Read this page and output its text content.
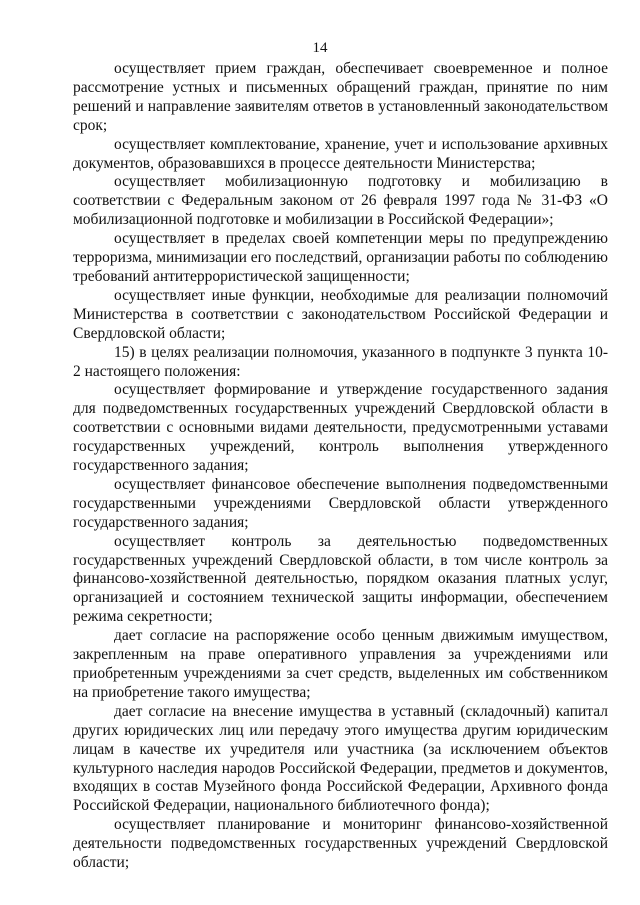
14

осуществляет прием граждан, обеспечивает своевременное и полное рассмотрение устных и письменных обращений граждан, принятие по ним решений и направление заявителям ответов в установленный законодательством срок;

осуществляет комплектование, хранение, учет и использование архивных документов, образовавшихся в процессе деятельности Министерства;

осуществляет мобилизационную подготовку и мобилизацию в соответствии с Федеральным законом от 26 февраля 1997 года № 31-ФЗ «О мобилизационной подготовке и мобилизации в Российской Федерации»;

осуществляет в пределах своей компетенции меры по предупреждению терроризма, минимизации его последствий, организации работы по соблюдению требований антитеррористической защищенности;

осуществляет иные функции, необходимые для реализации полномочий Министерства в соответствии с законодательством Российской Федерации и Свердловской области;

15) в целях реализации полномочия, указанного в подпункте 3 пункта 10-2 настоящего положения:

осуществляет формирование и утверждение государственного задания для подведомственных государственных учреждений Свердловской области в соответствии с основными видами деятельности, предусмотренными уставами государственных учреждений, контроль выполнения утвержденного государственного задания;

осуществляет финансовое обеспечение выполнения подведомственными государственными учреждениями Свердловской области утвержденного государственного задания;

осуществляет контроль за деятельностью подведомственных государственных учреждений Свердловской области, в том числе контроль за финансово-хозяйственной деятельностью, порядком оказания платных услуг, организацией и состоянием технической защиты информации, обеспечением режима секретности;

дает согласие на распоряжение особо ценным движимым имуществом, закрепленным на праве оперативного управления за учреждениями или приобретенным учреждениями за счет средств, выделенных им собственником на приобретение такого имущества;

дает согласие на внесение имущества в уставный (складочный) капитал других юридических лиц или передачу этого имущества другим юридическим лицам в качестве их учредителя или участника (за исключением объектов культурного наследия народов Российской Федерации, предметов и документов, входящих в состав Музейного фонда Российской Федерации, Архивного фонда Российской Федерации, национального библиотечного фонда);

осуществляет планирование и мониторинг финансово-хозяйственной деятельности подведомственных государственных учреждений Свердловской области;
